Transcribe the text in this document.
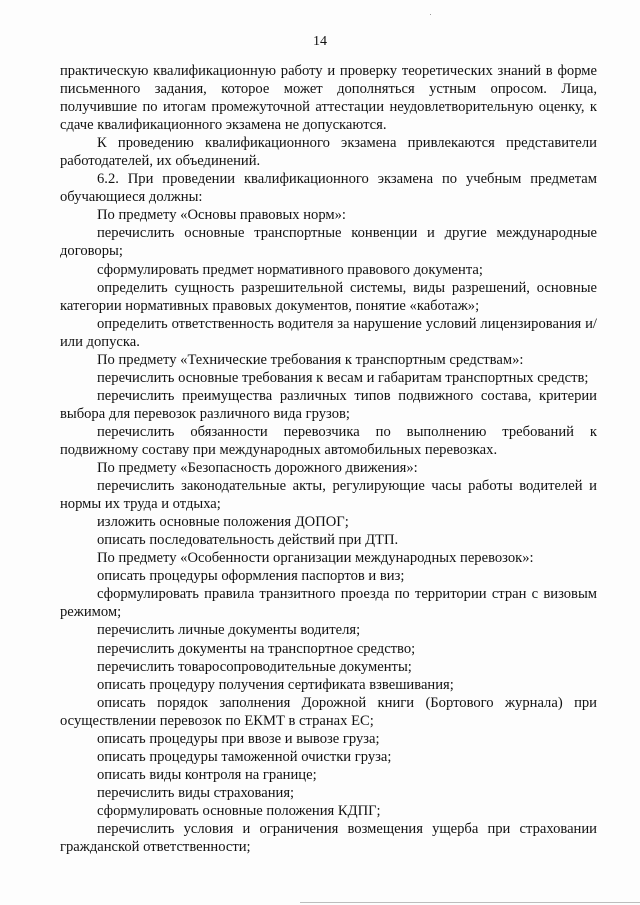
14

практическую квалификационную работу и проверку теоретических знаний в форме письменного задания, которое может дополняться устным опросом. Лица, получившие по итогам промежуточной аттестации неудовлетворительную оценку, к сдаче квалификационного экзамена не допускаются.

К проведению квалификационного экзамена привлекаются представители работодателей, их объединений.

6.2. При проведении квалификационного экзамена по учебным предметам обучающиеся должны:

По предмету «Основы правовых норм»:

перечислить основные транспортные конвенции и другие международные договоры;

сформулировать предмет нормативного правового документа;

определить сущность разрешительной системы, виды разрешений, основные категории нормативных правовых документов, понятие «каботаж»;

определить ответственность водителя за нарушение условий лицензирования и/или допуска.

По предмету «Технические требования к транспортным средствам»:

перечислить основные требования к весам и габаритам транспортных средств;

перечислить преимущества различных типов подвижного состава, критерии выбора для перевозок различного вида грузов;

перечислить обязанности перевозчика по выполнению требований к подвижному составу при международных автомобильных перевозках.

По предмету «Безопасность дорожного движения»:

перечислить законодательные акты, регулирующие часы работы водителей и нормы их труда и отдыха;

изложить основные положения ДОПОГ;

описать последовательность действий при ДТП.

По предмету «Особенности организации международных перевозок»:

описать процедуры оформления паспортов и виз;

сформулировать правила транзитного проезда по территории стран с визовым режимом;

перечислить личные документы водителя;

перечислить документы на транспортное средство;

перечислить товаросопроводительные документы;

описать процедуру получения сертификата взвешивания;

описать порядок заполнения Дорожной книги (Бортового журнала) при осуществлении перевозок по ЕКМТ в странах ЕС;

описать процедуры при ввозе и вывозе груза;

описать процедуры таможенной очистки груза;

описать виды контроля на границе;

перечислить виды страхования;

сформулировать основные положения КДПГ;

перечислить условия и ограничения возмещения ущерба при страховании гражданской ответственности;
